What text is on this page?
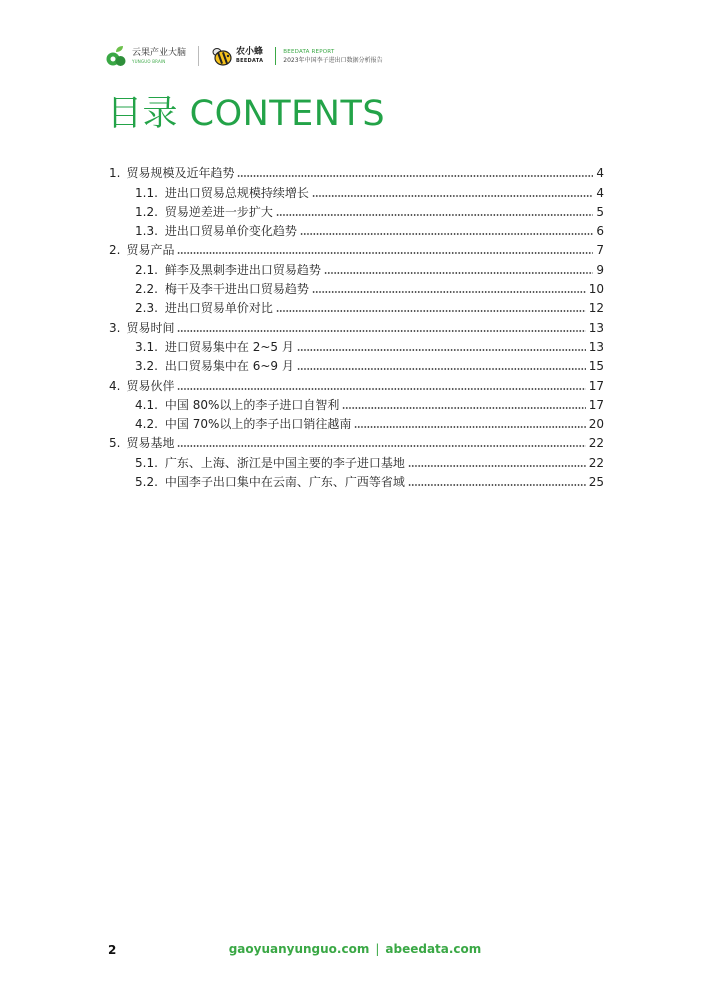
云果产业大脑
YUNGUO BRAIN
农小蜂
BEEDATA
BEEDATA REPORT
2023年中国李子进出口数据分析报告
目录 CONTENTS
1. 贸易规模及近年趋势	4
1.1. 进出口贸易总规模持续增长	4
1.2. 贸易逆差进一步扩大	5
1.3. 进出口贸易单价变化趋势	6
2. 贸易产品	7
2.1. 鲜李及黑刺李进出口贸易趋势	9
2.2. 梅干及李干进出口贸易趋势	10
2.3. 进出口贸易单价对比	12
3. 贸易时间	13
3.1. 进口贸易集中在 2~5 月	13
3.2. 出口贸易集中在 6~9 月	15
4. 贸易伙伴	17
4.1. 中国 80%以上的李子进口自智利	17
4.2. 中国 70%以上的李子出口销往越南	20
5. 贸易基地	22
5.1. 广东、上海、浙江是中国主要的李子进口基地	22
5.2. 中国李子出口集中在云南、广东、广西等省域	25
2	gaoyuanyunguo.com | abeedata.com
